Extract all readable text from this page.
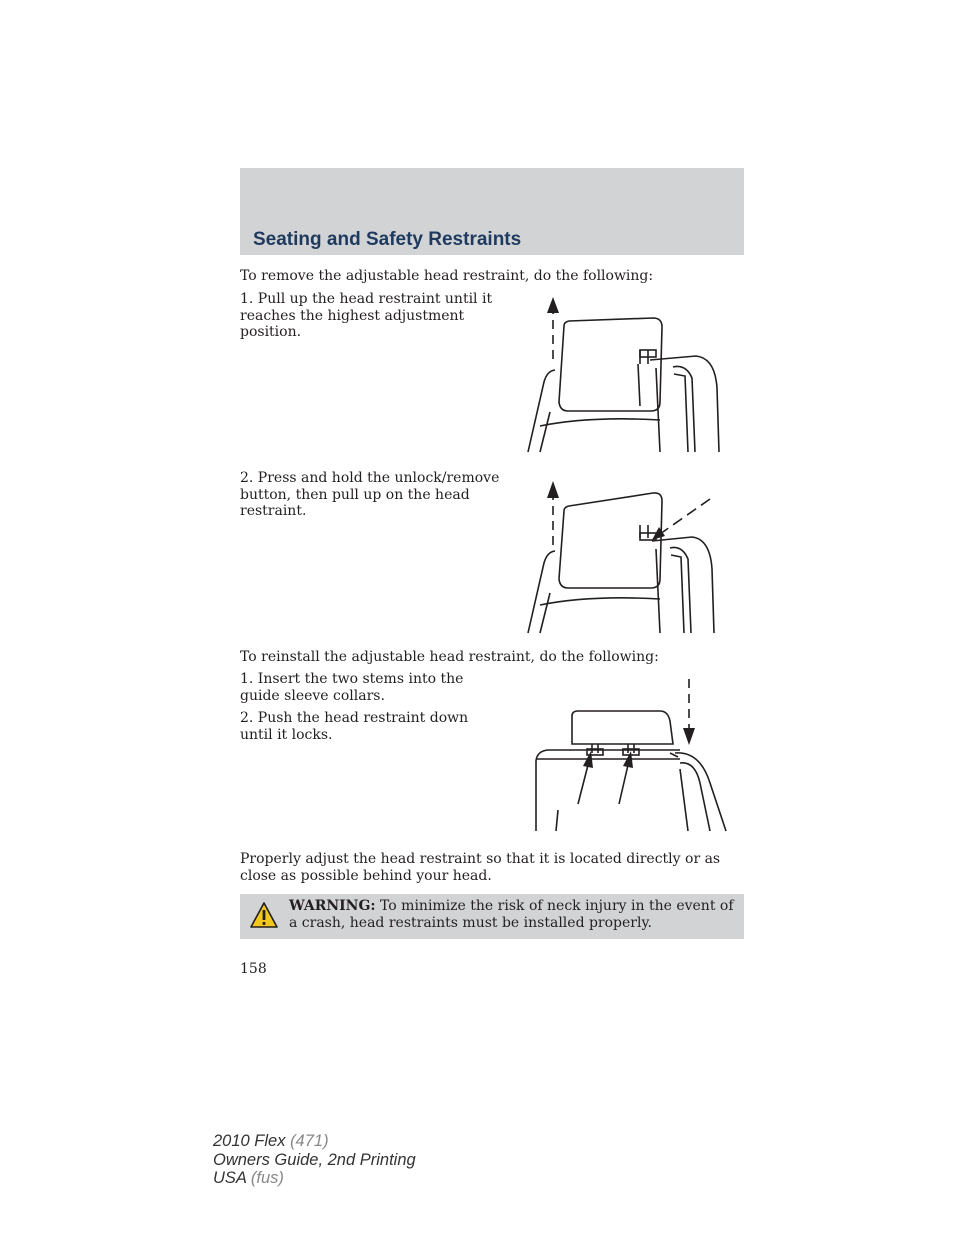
Seating and Safety Restraints

To remove the adjustable head restraint, do the following:

1. Pull up the head restraint until it reaches the highest adjustment position.

2. Press and hold the unlock/remove button, then pull up on the head restraint.

To reinstall the adjustable head restraint, do the following:

1. Insert the two stems into the guide sleeve collars.

2. Push the head restraint down until it locks.

Properly adjust the head restraint so that it is located directly or as close as possible behind your head.

WARNING: To minimize the risk of neck injury in the event of a crash, head restraints must be installed properly.

158

2010 Flex (471)
Owners Guide, 2nd Printing
USA (fus)
